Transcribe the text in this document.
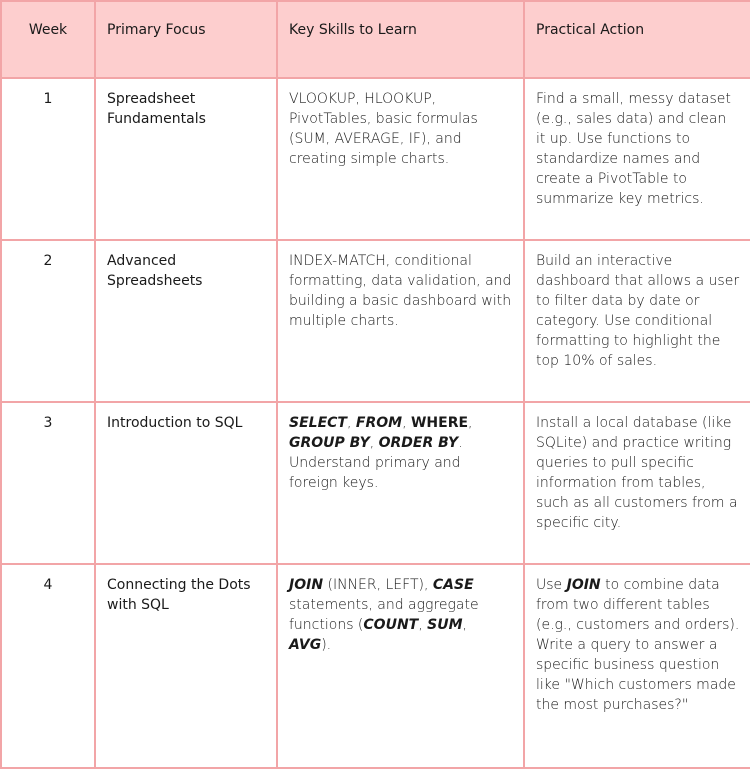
Week	Primary Focus	Key Skills to Learn	Practical Action
1	Spreadsheet Fundamentals	VLOOKUP, HLOOKUP, PivotTables, basic formulas (SUM, AVERAGE, IF), and creating simple charts.	Find a small, messy dataset (e.g., sales data) and clean it up. Use functions to standardize names and create a PivotTable to summarize key metrics.
2	Advanced Spreadsheets	INDEX-MATCH, conditional formatting, data validation, and building a basic dashboard with multiple charts.	Build an interactive dashboard that allows a user to filter data by date or category. Use conditional formatting to highlight the top 10% of sales.
3	Introduction to SQL	SELECT, FROM, WHERE, GROUP BY, ORDER BY. Understand primary and foreign keys.	Install a local database (like SQLite) and practice writing queries to pull specific information from tables, such as all customers from a specific city.
4	Connecting the Dots with SQL	JOIN (INNER, LEFT), CASE statements, and aggregate functions (COUNT, SUM, AVG).	Use JOIN to combine data from two different tables (e.g., customers and orders). Write a query to answer a specific business question like "Which customers made the most purchases?"
